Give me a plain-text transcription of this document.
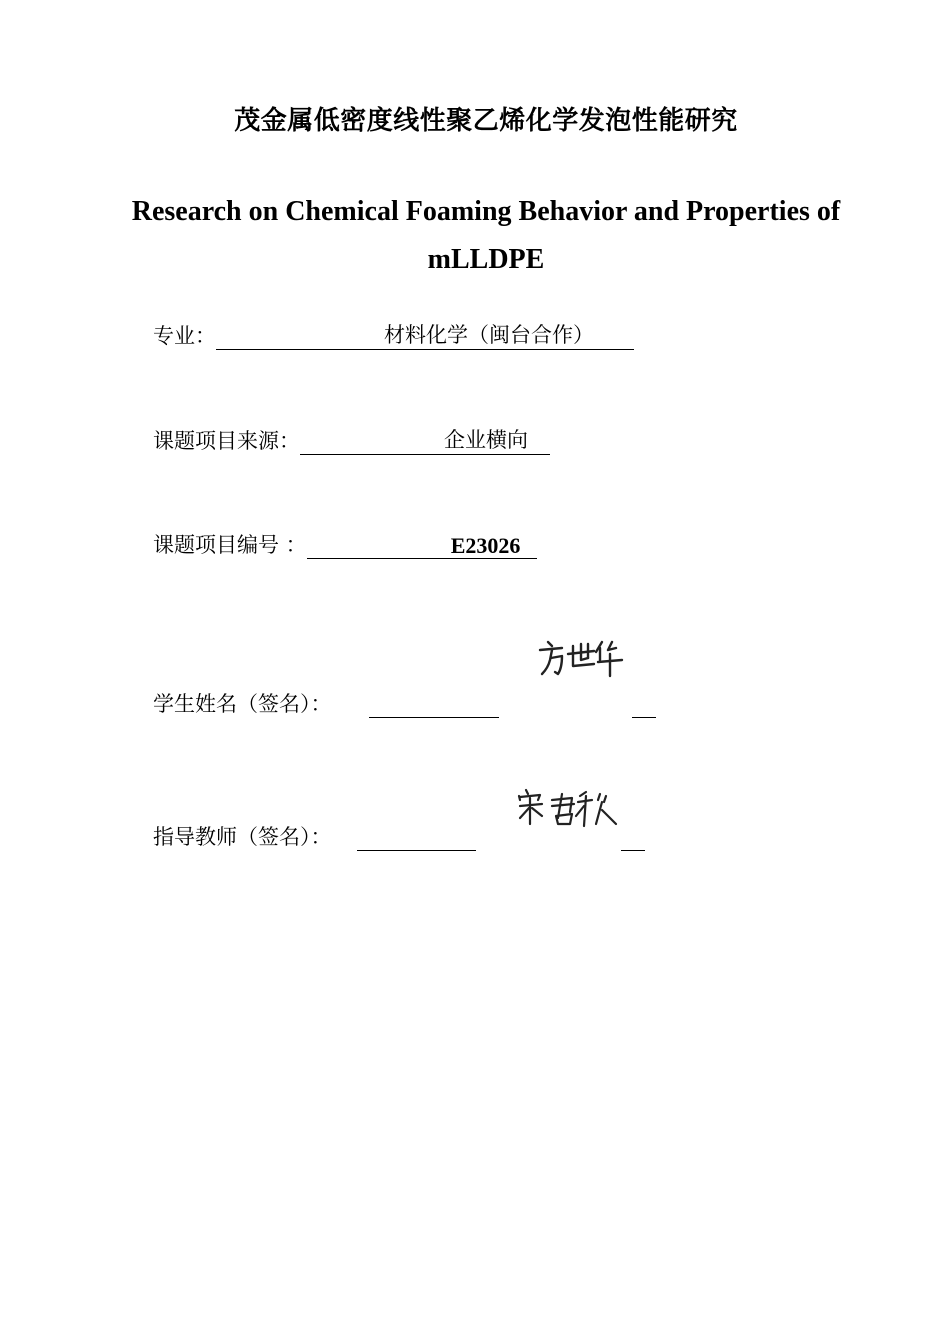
茂金属低密度线性聚乙烯化学发泡性能研究
Research on Chemical Foaming Behavior and Properties of mLLDPE
专业：	材料化学（闽台合作）
课题项目来源：	企业横向
课题项目编号 ：	E23026
学生姓名（签名）：
指导教师（签名）：
